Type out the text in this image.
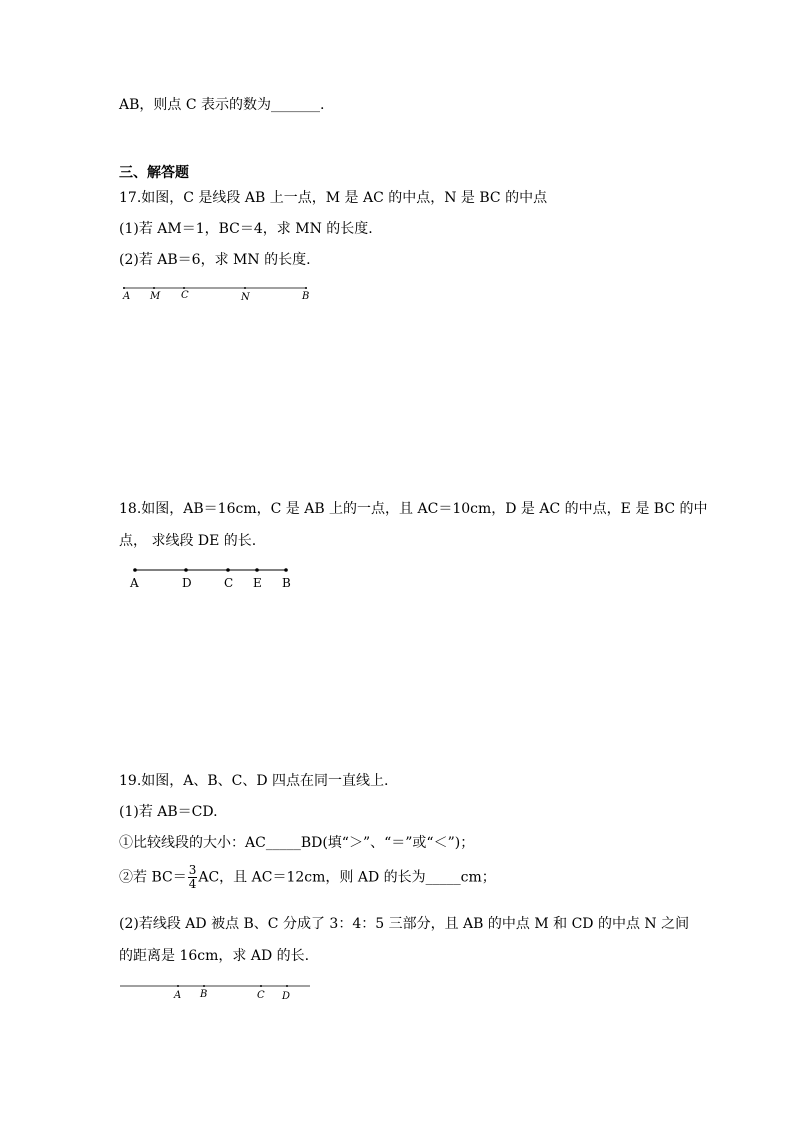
AB，则点 C 表示的数为_______.
三、解答题
17.如图，C 是线段 AB 上一点，M 是 AC 的中点，N 是 BC 的中点
(1)若 AM＝1，BC＝4，求 MN 的长度.
(2)若 AB＝6，求 MN 的长度.
A M C	N	B
18.如图，AB＝16cm，C 是 AB 上的一点，且 AC＝10cm，D 是 AC 的中点，E 是 BC 的中
点， 求线段 DE 的长.
A	D	C E B
19.如图，A、B、C、D 四点在同一直线上.
(1)若 AB＝CD.
①比较线段的大小：AC_____BD(填“＞”、“＝”或“＜”)；
②若 $BC= \frac{3}{4}$ AC，且 AC＝12cm，则 AD 的长为_____cm；
(2)若线段 AD 被点 B、C 分成了 3：4：5 三部分，且 AB 的中点 M 和 CD 的中点 N 之间
的距离是 16cm，求 AD 的长.
A B	C D
